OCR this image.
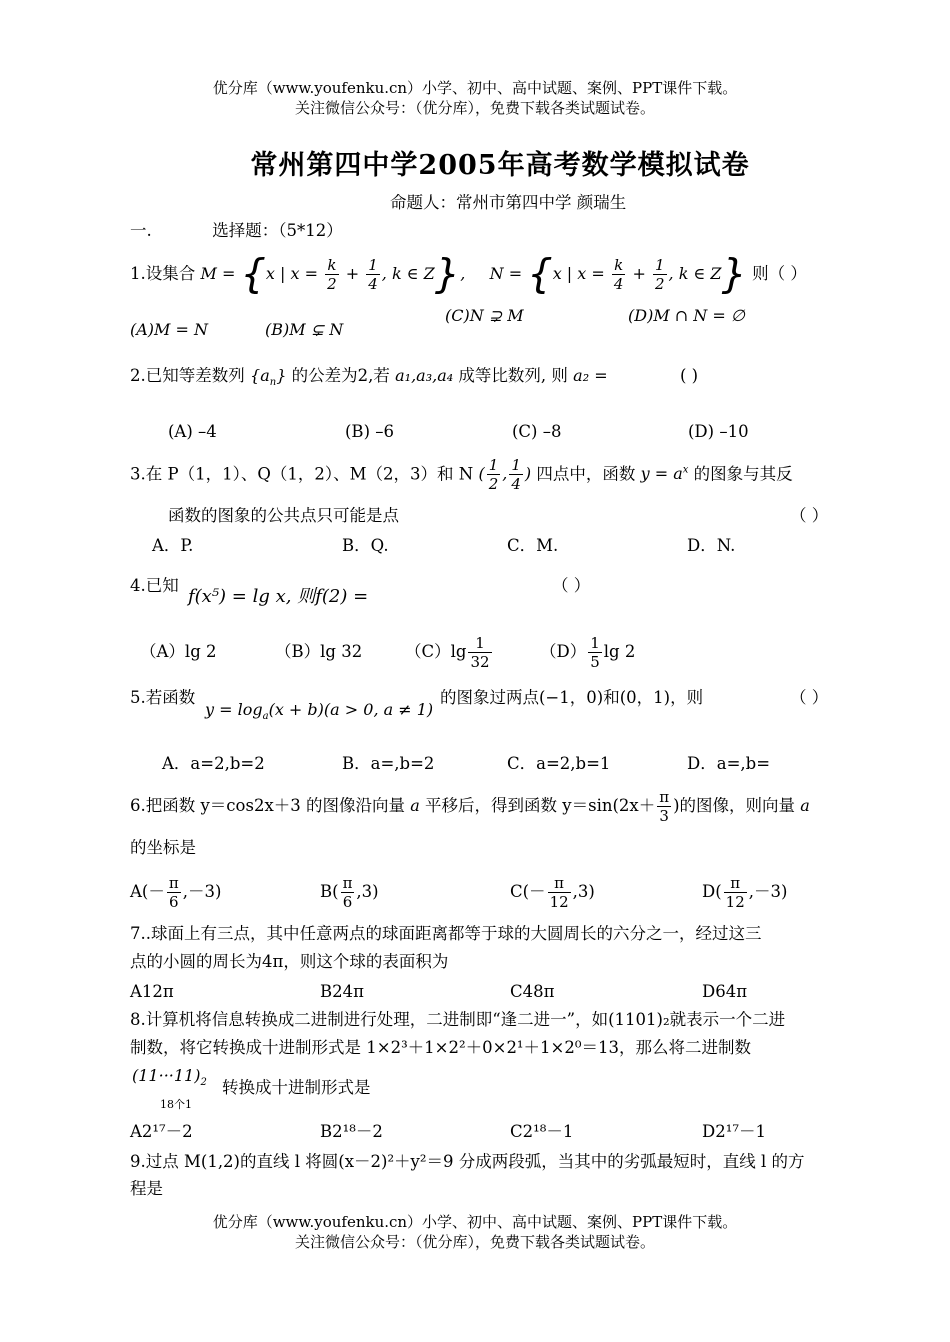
优分库（www.youfenku.cn）小学、初中、高中试题、案例、PPT课件下载。
关注微信公众号：（优分库），免费下载各类试题试卷。
常州第四中学2005年高考数学模拟试卷
命题人：常州市第四中学 颜瑞生
一.	选择题：（5*12）
1.设集合 M = {x | $x = \frac{k}{2} + \frac{1}{4}$ , k ∈ Z},  N = {x | $x = \frac{k}{4} + \frac{1}{2}$ , k ∈ Z} 则（ ）
(A)M = N	(B)M ⊊ N
(C)N ⊋ M	(D)M ∩ N = ∅
2.已知等差数列 $\{a_n\}$ 的公差为2,若 a₁,a₃,a₄ 成等比数列, 则 a₂ =	( )
(A) –4	(B) –6	(C) –8	(D) –10
3.在 P（1，1）、Q（1，2）、M（2，3）和 N ( $\frac{1}{2}$ , $\frac{1}{4}$ ) 四点中，函数 $y = a^x$ 的图象与其反
函数的图象的公共点只可能是点	（ ）
A．P.	B．Q.	C．M.	D．N.
4.已知
f(x⁵) = lg x, 则f(2) =
（ ）
（A）lg 2	（B）lg 32	$(C)\lg \frac{1}{32}$	$(D) \frac{1}{5}$ lg 2
5.若函数
$y = \log_a(x + b)(a > 0$, a ≠ 1)
的图象过两点(−1，0)和(0，1)，则	（ ）
A．a=2,b=2	B．a=,b=2	C．a=2,b=1	D．a=,b=
6.把函数 y＝cos2x＋3 的图像沿向量 a 平移后，得到函数 $y=\sin(2x+ \frac{\pi}{3}$ )的图像，则向量 a
的坐标是
$A(- \frac{\pi}{6} ,-3)$	$B( \frac{\pi}{6} ,3)$	$C(- \frac{\pi}{12} ,3)$	$D( \frac{\pi}{12} ,-3)$
7..球面上有三点，其中任意两点的球面距离都等于球的大圆周长的六分之一，经过这三
点的小圆的周长为4π，则这个球的表面积为
A12π	B24π	C48π	D64π
8.计算机将信息转换成二进制进行处理，二进制即“逢二进一”，如(1101)₂就表示一个二进
制数，将它转换成十进制形式是 1×2³＋1×2²＋0×2¹＋1×2⁰＝13，那么将二进制数
$(11\cdot\cdot\cdot 11)_2$
18个1
转换成十进制形式是
A2¹⁷－2	B2¹⁸－2	C2¹⁸－1	D2¹⁷－1
9.过点 M(1,2)的直线 l 将圆(x－2)²＋y²＝9 分成两段弧，当其中的劣弧最短时，直线 l 的方
程是
优分库（www.youfenku.cn）小学、初中、高中试题、案例、PPT课件下载。
关注微信公众号：（优分库），免费下载各类试题试卷。
